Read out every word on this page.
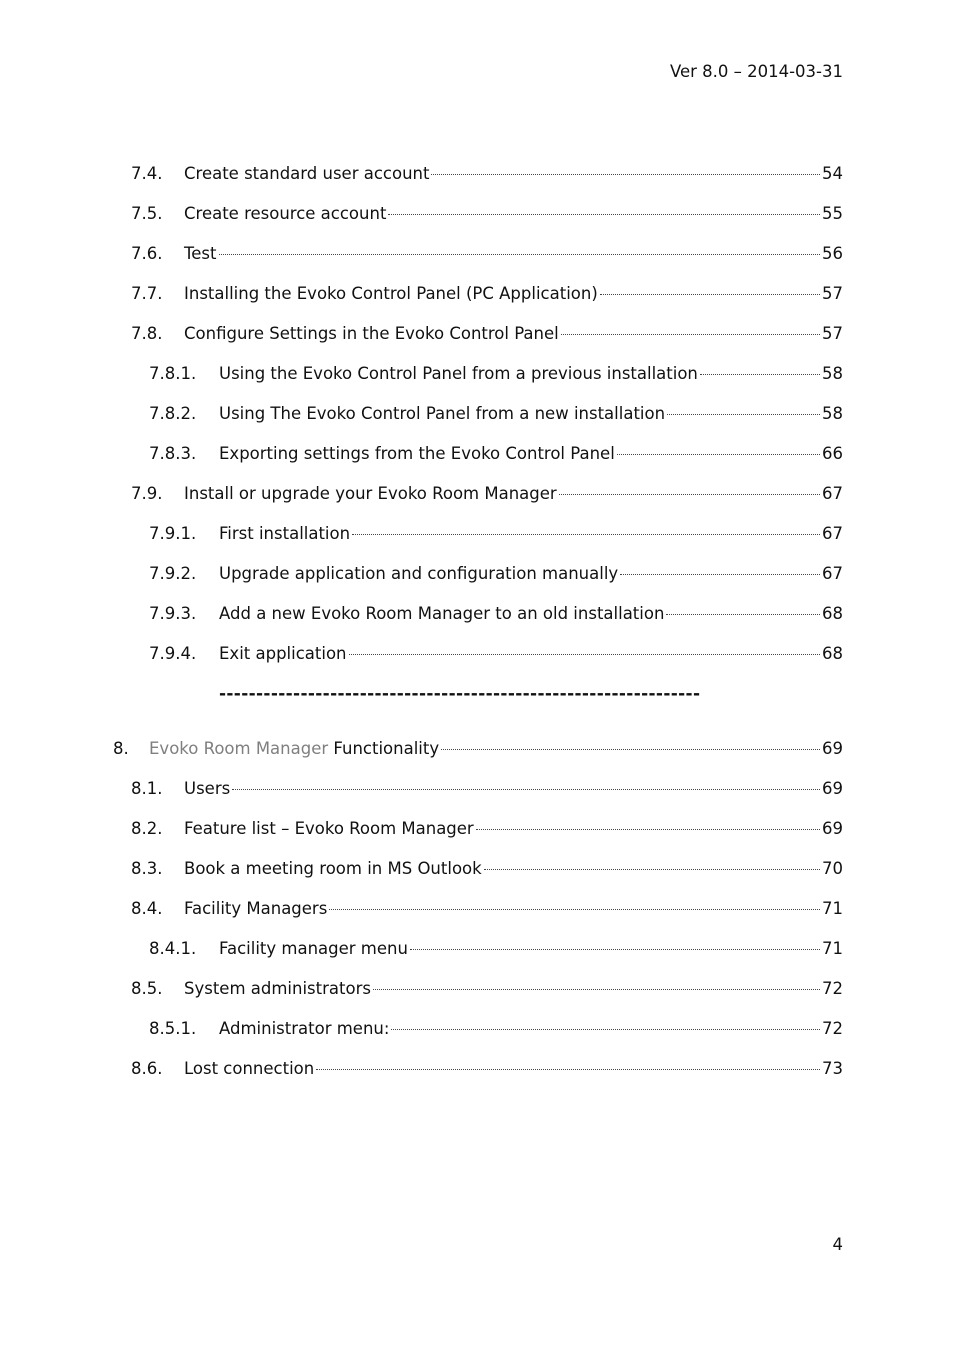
Ver 8.0 – 2014-03-31
7.4. Create standard user account	54
7.5. Create resource account	55
7.6. Test	56
7.7. Installing the Evoko Control Panel (PC Application)	57
7.8. Configure Settings in the Evoko Control Panel	57
7.8.1. Using the Evoko Control Panel from a previous installation	58
7.8.2. Using The Evoko Control Panel from a new installation	58
7.8.3. Exporting settings from the Evoko Control Panel	66
7.9. Install or upgrade your Evoko Room Manager	67
7.9.1. First installation	67
7.9.2. Upgrade application and configuration manually	67
7.9.3. Add a new Evoko Room Manager to an old installation	68
7.9.4. Exit application	68
-----------------------------------------------------------------
8. Evoko Room Manager Functionality	69
8.1. Users	69
8.2. Feature list – Evoko Room Manager	69
8.3. Book a meeting room in MS Outlook	70
8.4. Facility Managers	71
8.4.1. Facility manager menu	71
8.5. System administrators	72
8.5.1. Administrator menu:	72
8.6. Lost connection	73
4
